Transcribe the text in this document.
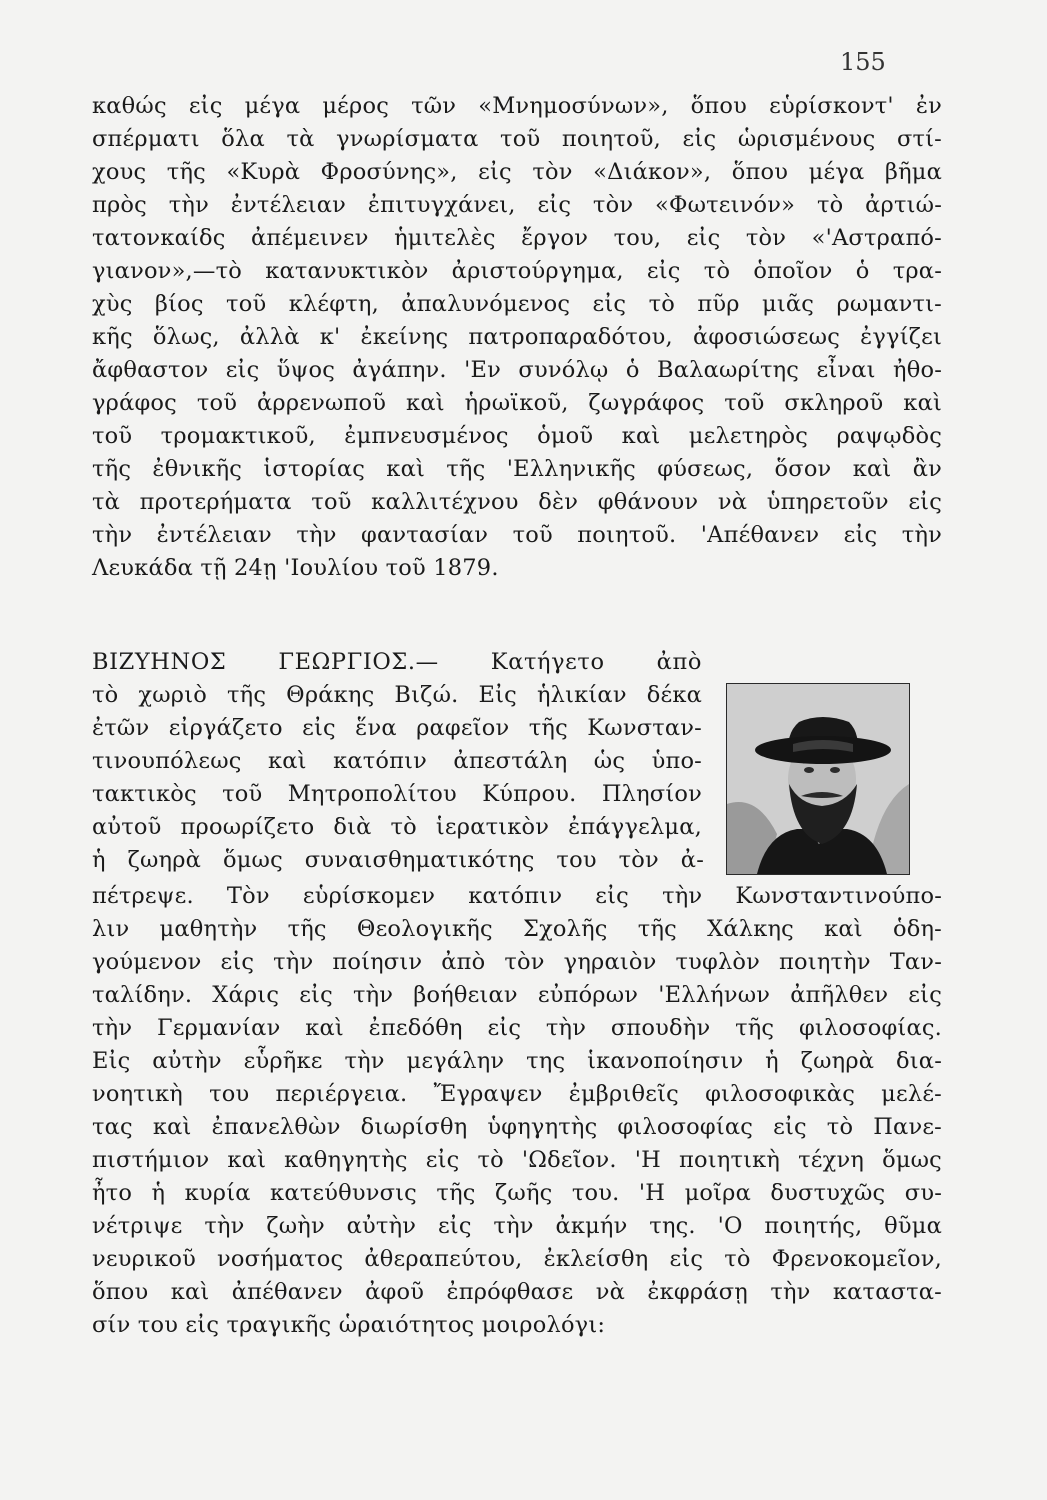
155
καθώς εἰς μέγα μέρος τῶν «Μνημοσύνων», ὅπου εὑρίσκοντ' ἐν
σπέρματι ὅλα τὰ γνωρίσματα τοῦ ποιητοῦ, εἰς ὡρισμένους στί-
χους τῆς «Κυρὰ Φροσύνης», εἰς τὸν «Διάκον», ὅπου μέγα βῆμα
πρὸς τὴν ἐντέλειαν ἐπιτυγχάνει, εἰς τὸν «Φωτεινόν» τὸ ἀρτιώ-
τατονκαίδς ἀπέμεινεν ἡμιτελὲς ἔργον του, εἰς τὸν «'Αστραπό-
γιανον»,—τὸ κατανυκτικὸν ἀριστούργημα, εἰς τὸ ὁποῖον ὁ τρα-
χὺς βίος τοῦ κλέφτη, ἀπαλυνόμενος εἰς τὸ πῦρ μιᾶς ρωμαντι-
κῆς ὅλως, ἀλλὰ κ' ἐκείνης πατροπαραδότου, ἀφοσιώσεως ἐγγίζει
ἄφθαστον εἰς ὕψος ἀγάπην. 'Εν συνόλῳ ὁ Βαλαωρίτης εἶναι ἠθο-
γράφος τοῦ ἀρρενωποῦ καὶ ἡρωϊκοῦ, ζωγράφος τοῦ σκληροῦ καὶ
τοῦ τρομακτικοῦ, ἐμπνευσμένος ὁμοῦ καὶ μελετηρὸς ραψῳδὸς
τῆς ἐθνικῆς ἱστορίας καὶ τῆς 'Ελληνικῆς φύσεως, ὅσον καὶ ἂν
τὰ προτερήματα τοῦ καλλιτέχνου δὲν φθάνουν νὰ ὑπηρετοῦν εἰς
τὴν ἐντέλειαν τὴν φαντασίαν τοῦ ποιητοῦ. 'Απέθανεν εἰς τὴν
Λευκάδα τῇ 24ῃ 'Ιουλίου τοῦ 1879.
ΒΙΖΥΗΝΟΣ ΓΕΩΡΓΙΟΣ.— Κατήγετο ἀπὸ
τὸ χωριὸ τῆς Θράκης Βιζώ. Εἰς ἡλικίαν δέκα
ἐτῶν εἰργάζετο εἰς ἕνα ραφεῖον τῆς Κωνσταν-
τινουπόλεως καὶ κατόπιν ἀπεστάλη ὡς ὑπο-
τακτικὸς τοῦ Μητροπολίτου Κύπρου. Πλησίον
αὐτοῦ προωρίζετο διὰ τὸ ἱερατικὸν ἐπάγγελμα,
ἡ ζωηρὰ ὅμως συναισθηματικότης του τὸν ἀ-
πέτρεψε. Τὸν εὑρίσκομεν κατόπιν εἰς τὴν Κωνσταντινούπο-
λιν μαθητὴν τῆς Θεολογικῆς Σχολῆς τῆς Χάλκης καὶ ὁδη-
γούμενον εἰς τὴν ποίησιν ἀπὸ τὸν γηραιὸν τυφλὸν ποιητὴν Ταν-
ταλίδην. Χάρις εἰς τὴν βοήθειαν εὐπόρων 'Ελλήνων ἀπῆλθεν εἰς
τὴν Γερμανίαν καὶ ἐπεδόθη εἰς τὴν σπουδὴν τῆς φιλοσοφίας.
Εἰς αὐτὴν εὗρῆκε τὴν μεγάλην της ἱκανοποίησιν ἡ ζωηρὰ δια-
νοητικὴ του περιέργεια. Ἔγραψεν ἐμβριθεῖς φιλοσοφικὰς μελέ-
τας καὶ ἐπανελθὼν διωρίσθη ὑφηγητὴς φιλοσοφίας εἰς τὸ Πανε-
πιστήμιον καὶ καθηγητὴς εἰς τὸ 'Ωδεῖον. 'Η ποιητικὴ τέχνη ὅμως
ἦτο ἡ κυρία κατεύθυνσις τῆς ζωῆς του. 'Η μοῖρα δυστυχῶς συ-
νέτριψε τὴν ζωὴν αὐτὴν εἰς τὴν ἀκμήν της. 'Ο ποιητής, θῦμα
νευρικοῦ νοσήματος ἀθεραπεύτου, ἐκλείσθη εἰς τὸ Φρενοκομεῖον,
ὅπου καὶ ἀπέθανεν ἀφοῦ ἐπρόφθασε νὰ ἐκφράσῃ τὴν καταστα-
σίν του εἰς τραγικῆς ὡραιότητος μοιρολόγι:
